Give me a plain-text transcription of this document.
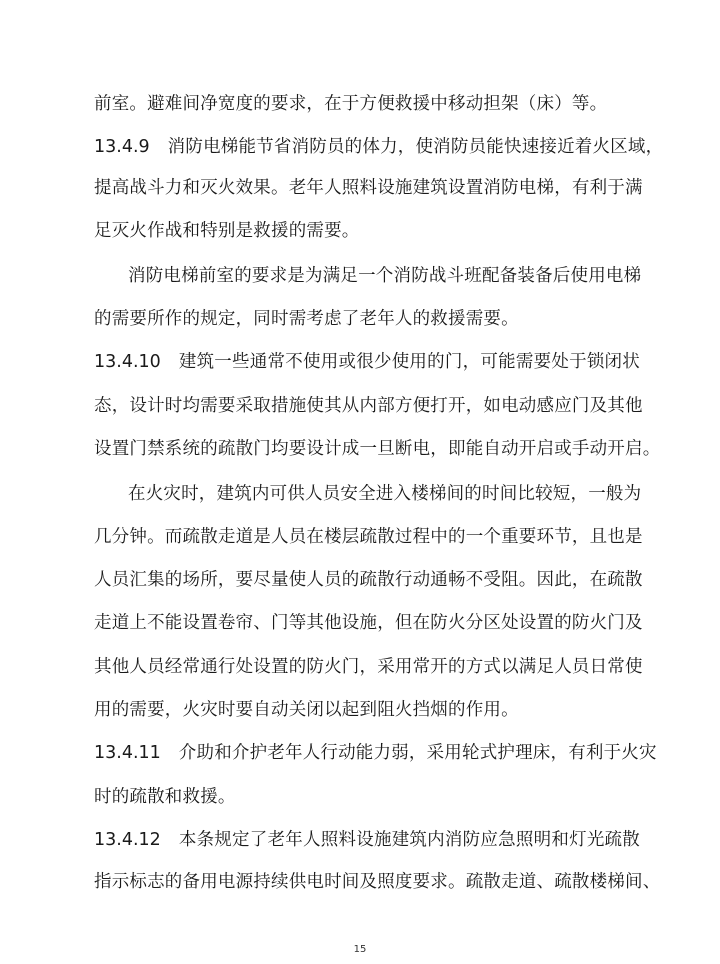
前室。避难间净宽度的要求，在于方便救援中移动担架（床）等。
13.4.9 消防电梯能节省消防员的体力，使消防员能快速接近着火区域，
提高战斗力和灭火效果。老年人照料设施建筑设置消防电梯，有利于满
足灭火作战和特别是救援的需要。
消防电梯前室的要求是为满足一个消防战斗班配备装备后使用电梯
的需要所作的规定，同时需考虑了老年人的救援需要。
13.4.10 建筑一些通常不使用或很少使用的门，可能需要处于锁闭状
态，设计时均需要采取措施使其从内部方便打开，如电动感应门及其他
设置门禁系统的疏散门均要设计成一旦断电，即能自动开启或手动开启。
在火灾时，建筑内可供人员安全进入楼梯间的时间比较短，一般为
几分钟。而疏散走道是人员在楼层疏散过程中的一个重要环节，且也是
人员汇集的场所，要尽量使人员的疏散行动通畅不受阻。因此，在疏散
走道上不能设置卷帘、门等其他设施，但在防火分区处设置的防火门及
其他人员经常通行处设置的防火门，采用常开的方式以满足人员日常使
用的需要，火灾时要自动关闭以起到阻火挡烟的作用。
13.4.11 介助和介护老年人行动能力弱，采用轮式护理床，有利于火灾
时的疏散和救援。
13.4.12 本条规定了老年人照料设施建筑内消防应急照明和灯光疏散
指示标志的备用电源持续供电时间及照度要求。疏散走道、疏散楼梯间、
15
